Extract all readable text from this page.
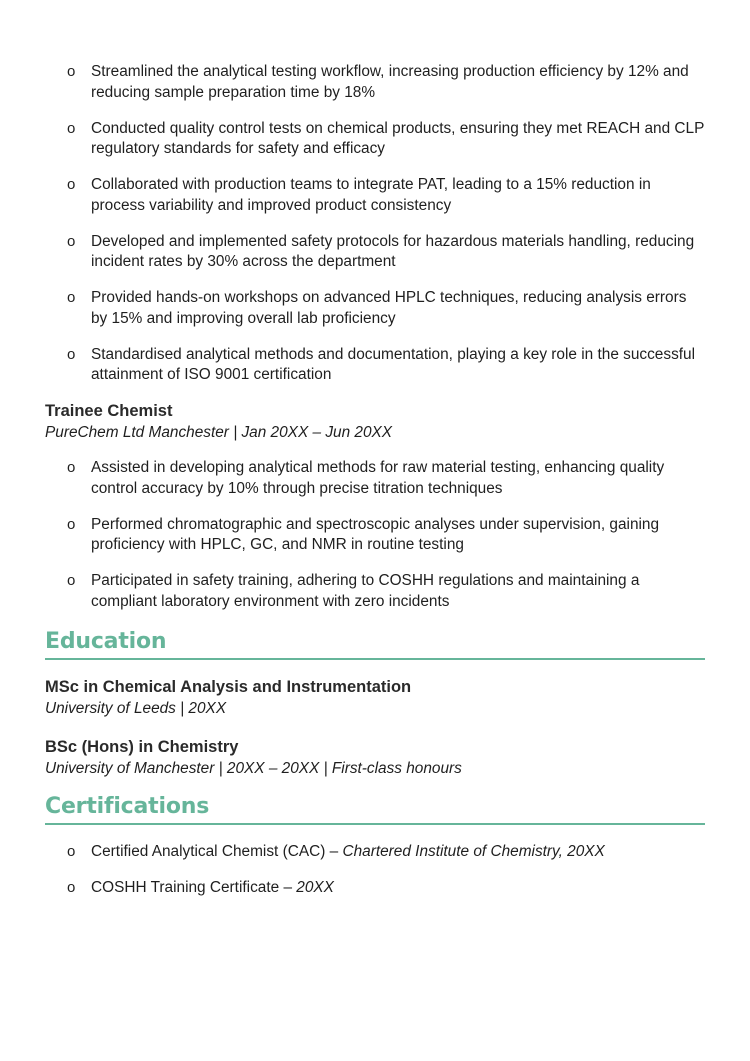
o Streamlined the analytical testing workflow, increasing production efficiency by 12% and reducing sample preparation time by 18%
o Conducted quality control tests on chemical products, ensuring they met REACH and CLP regulatory standards for safety and efficacy
o Collaborated with production teams to integrate PAT, leading to a 15% reduction in process variability and improved product consistency
o Developed and implemented safety protocols for hazardous materials handling, reducing incident rates by 30% across the department
o Provided hands-on workshops on advanced HPLC techniques, reducing analysis errors by 15% and improving overall lab proficiency
o Standardised analytical methods and documentation, playing a key role in the successful attainment of ISO 9001 certification
Trainee Chemist
PureChem Ltd Manchester | Jan 20XX – Jun 20XX
o Assisted in developing analytical methods for raw material testing, enhancing quality control accuracy by 10% through precise titration techniques
o Performed chromatographic and spectroscopic analyses under supervision, gaining proficiency with HPLC, GC, and NMR in routine testing
o Participated in safety training, adhering to COSHH regulations and maintaining a compliant laboratory environment with zero incidents
Education
MSc in Chemical Analysis and Instrumentation
University of Leeds | 20XX
BSc (Hons) in Chemistry
University of Manchester | 20XX – 20XX | First-class honours
Certifications
o Certified Analytical Chemist (CAC) – Chartered Institute of Chemistry, 20XX
o COSHH Training Certificate – 20XX
